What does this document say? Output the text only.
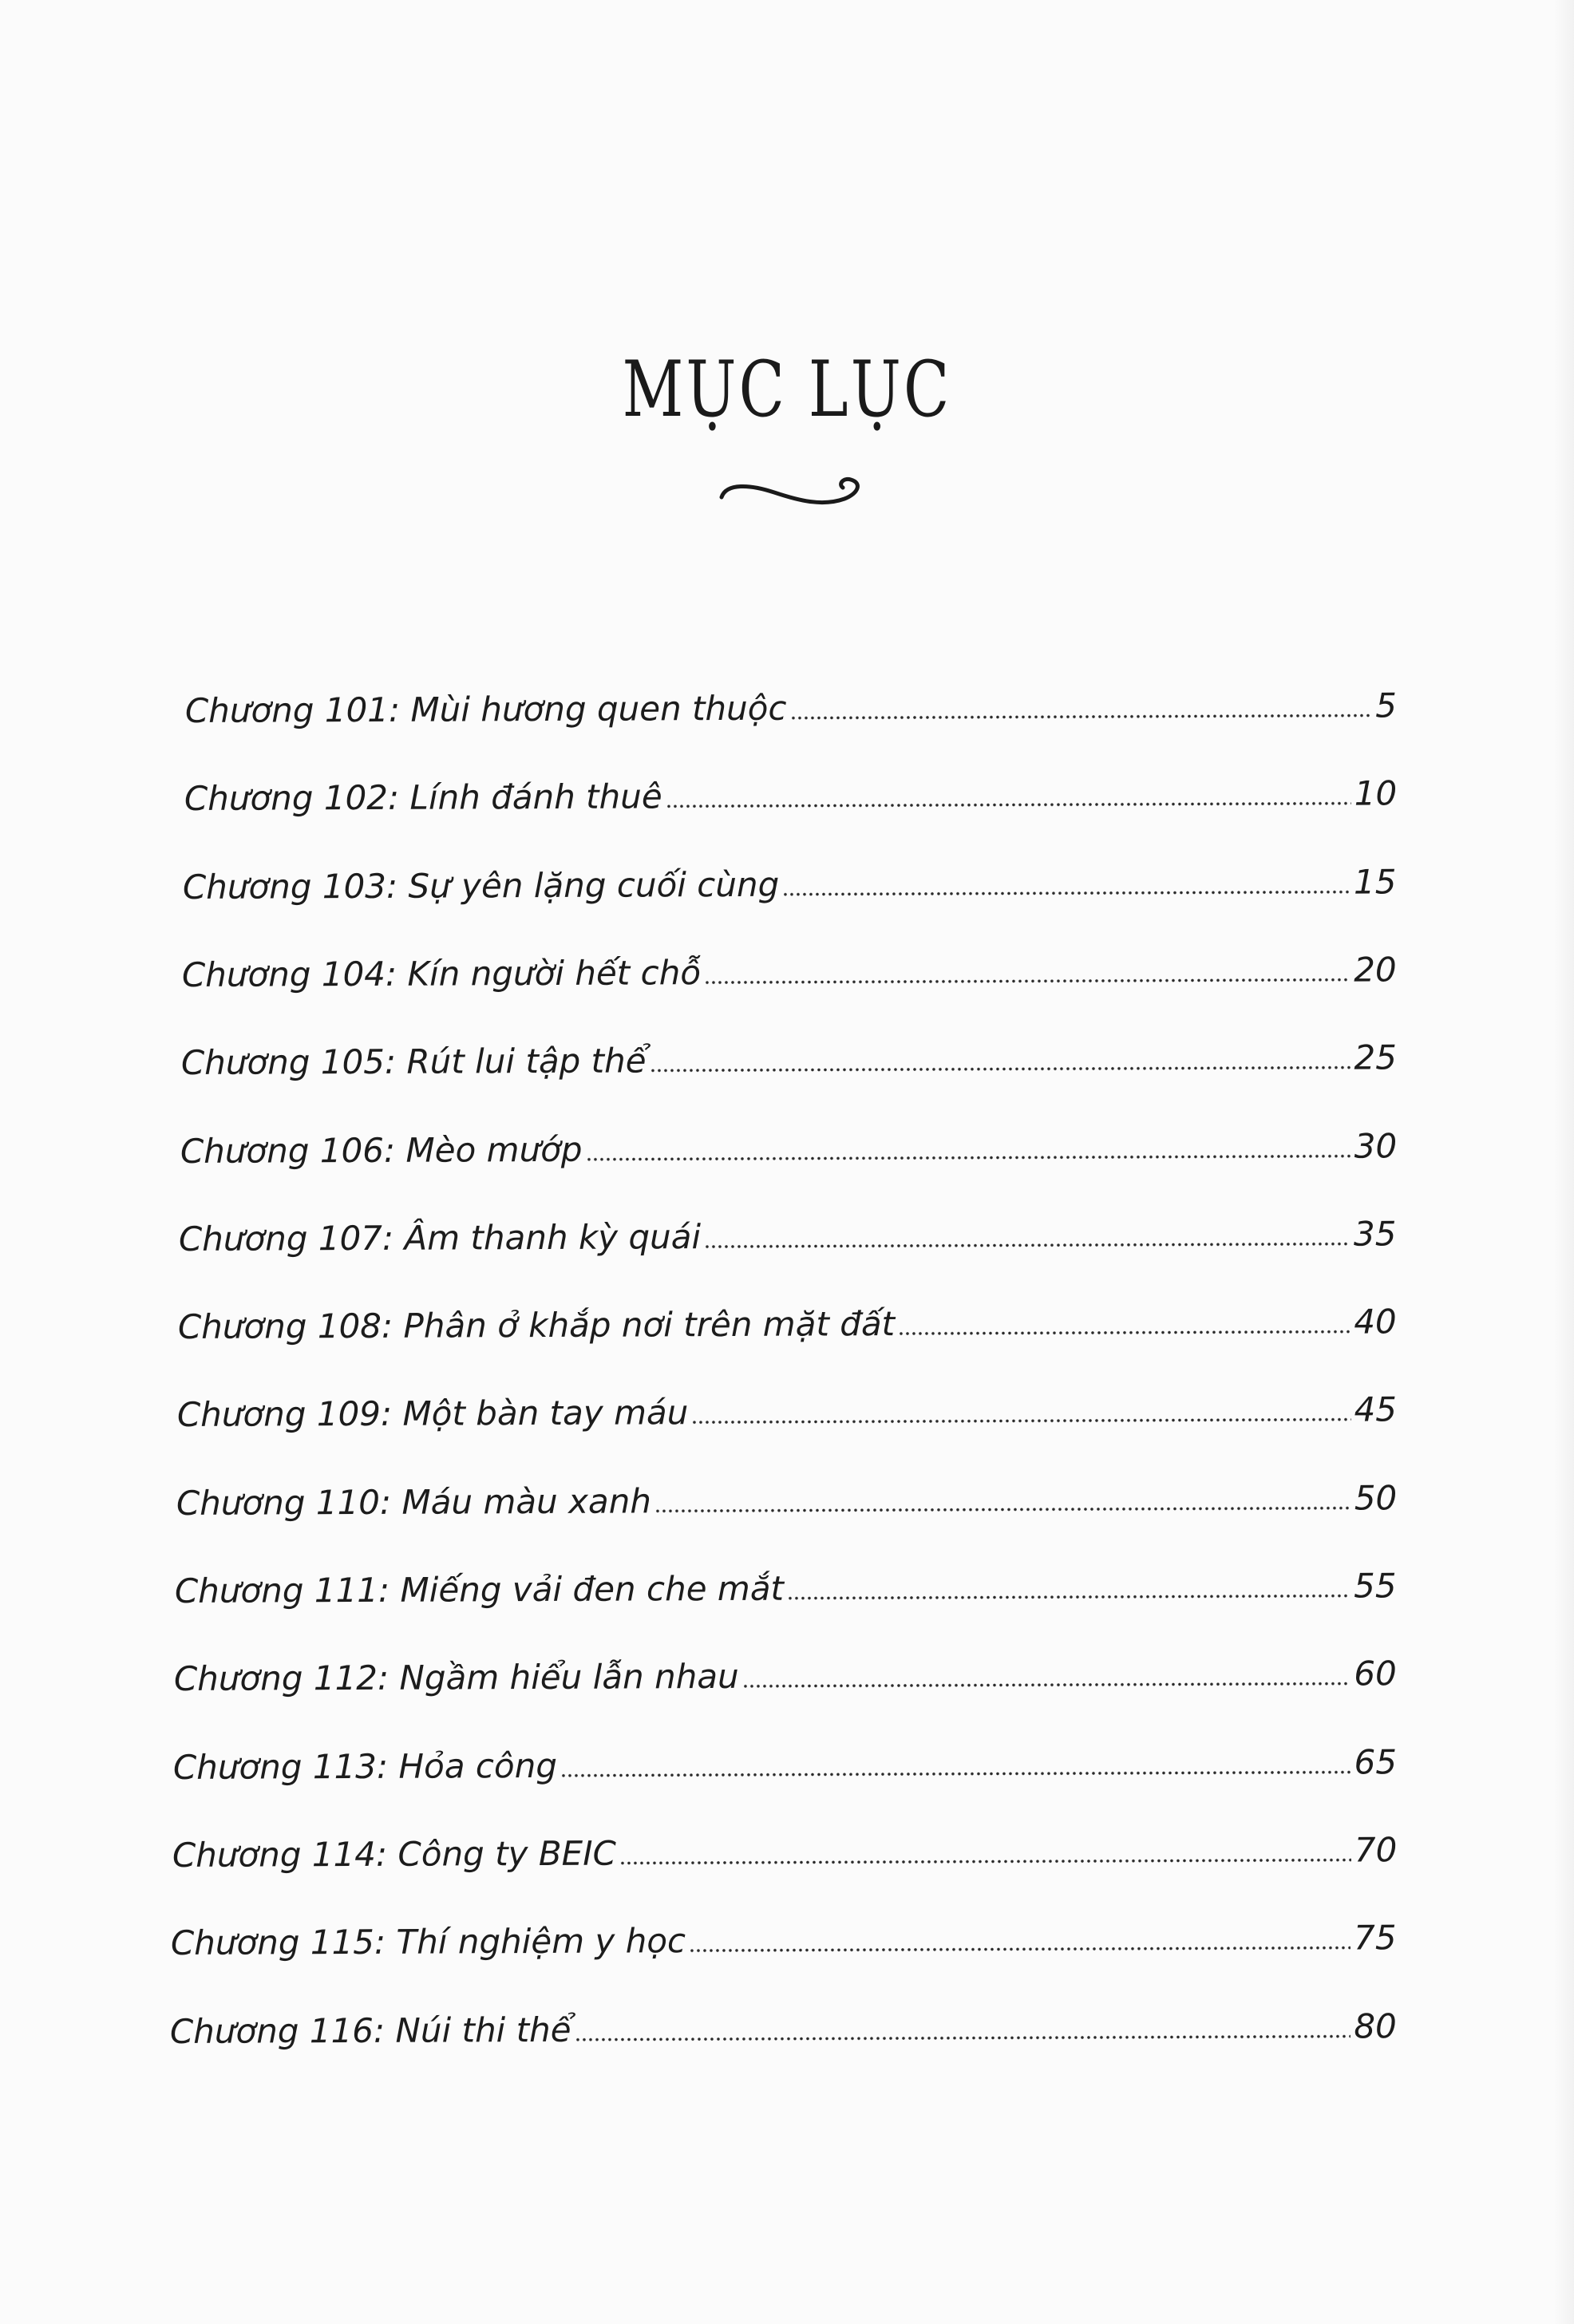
MỤC LỤC
Chương 101: Mùi hương quen thuộc	5
Chương 102: Lính đánh thuê	10
Chương 103: Sự yên lặng cuối cùng	15
Chương 104: Kín người hết chỗ	20
Chương 105: Rút lui tập thể	25
Chương 106: Mèo mướp	30
Chương 107: Âm thanh kỳ quái	35
Chương 108: Phân ở khắp nơi trên mặt đất	40
Chương 109: Một bàn tay máu	45
Chương 110: Máu màu xanh	50
Chương 111: Miếng vải đen che mắt	55
Chương 112: Ngầm hiểu lẫn nhau	60
Chương 113: Hỏa công	65
Chương 114: Công ty BEIC	70
Chương 115: Thí nghiệm y học	75
Chương 116: Núi thi thể	80
